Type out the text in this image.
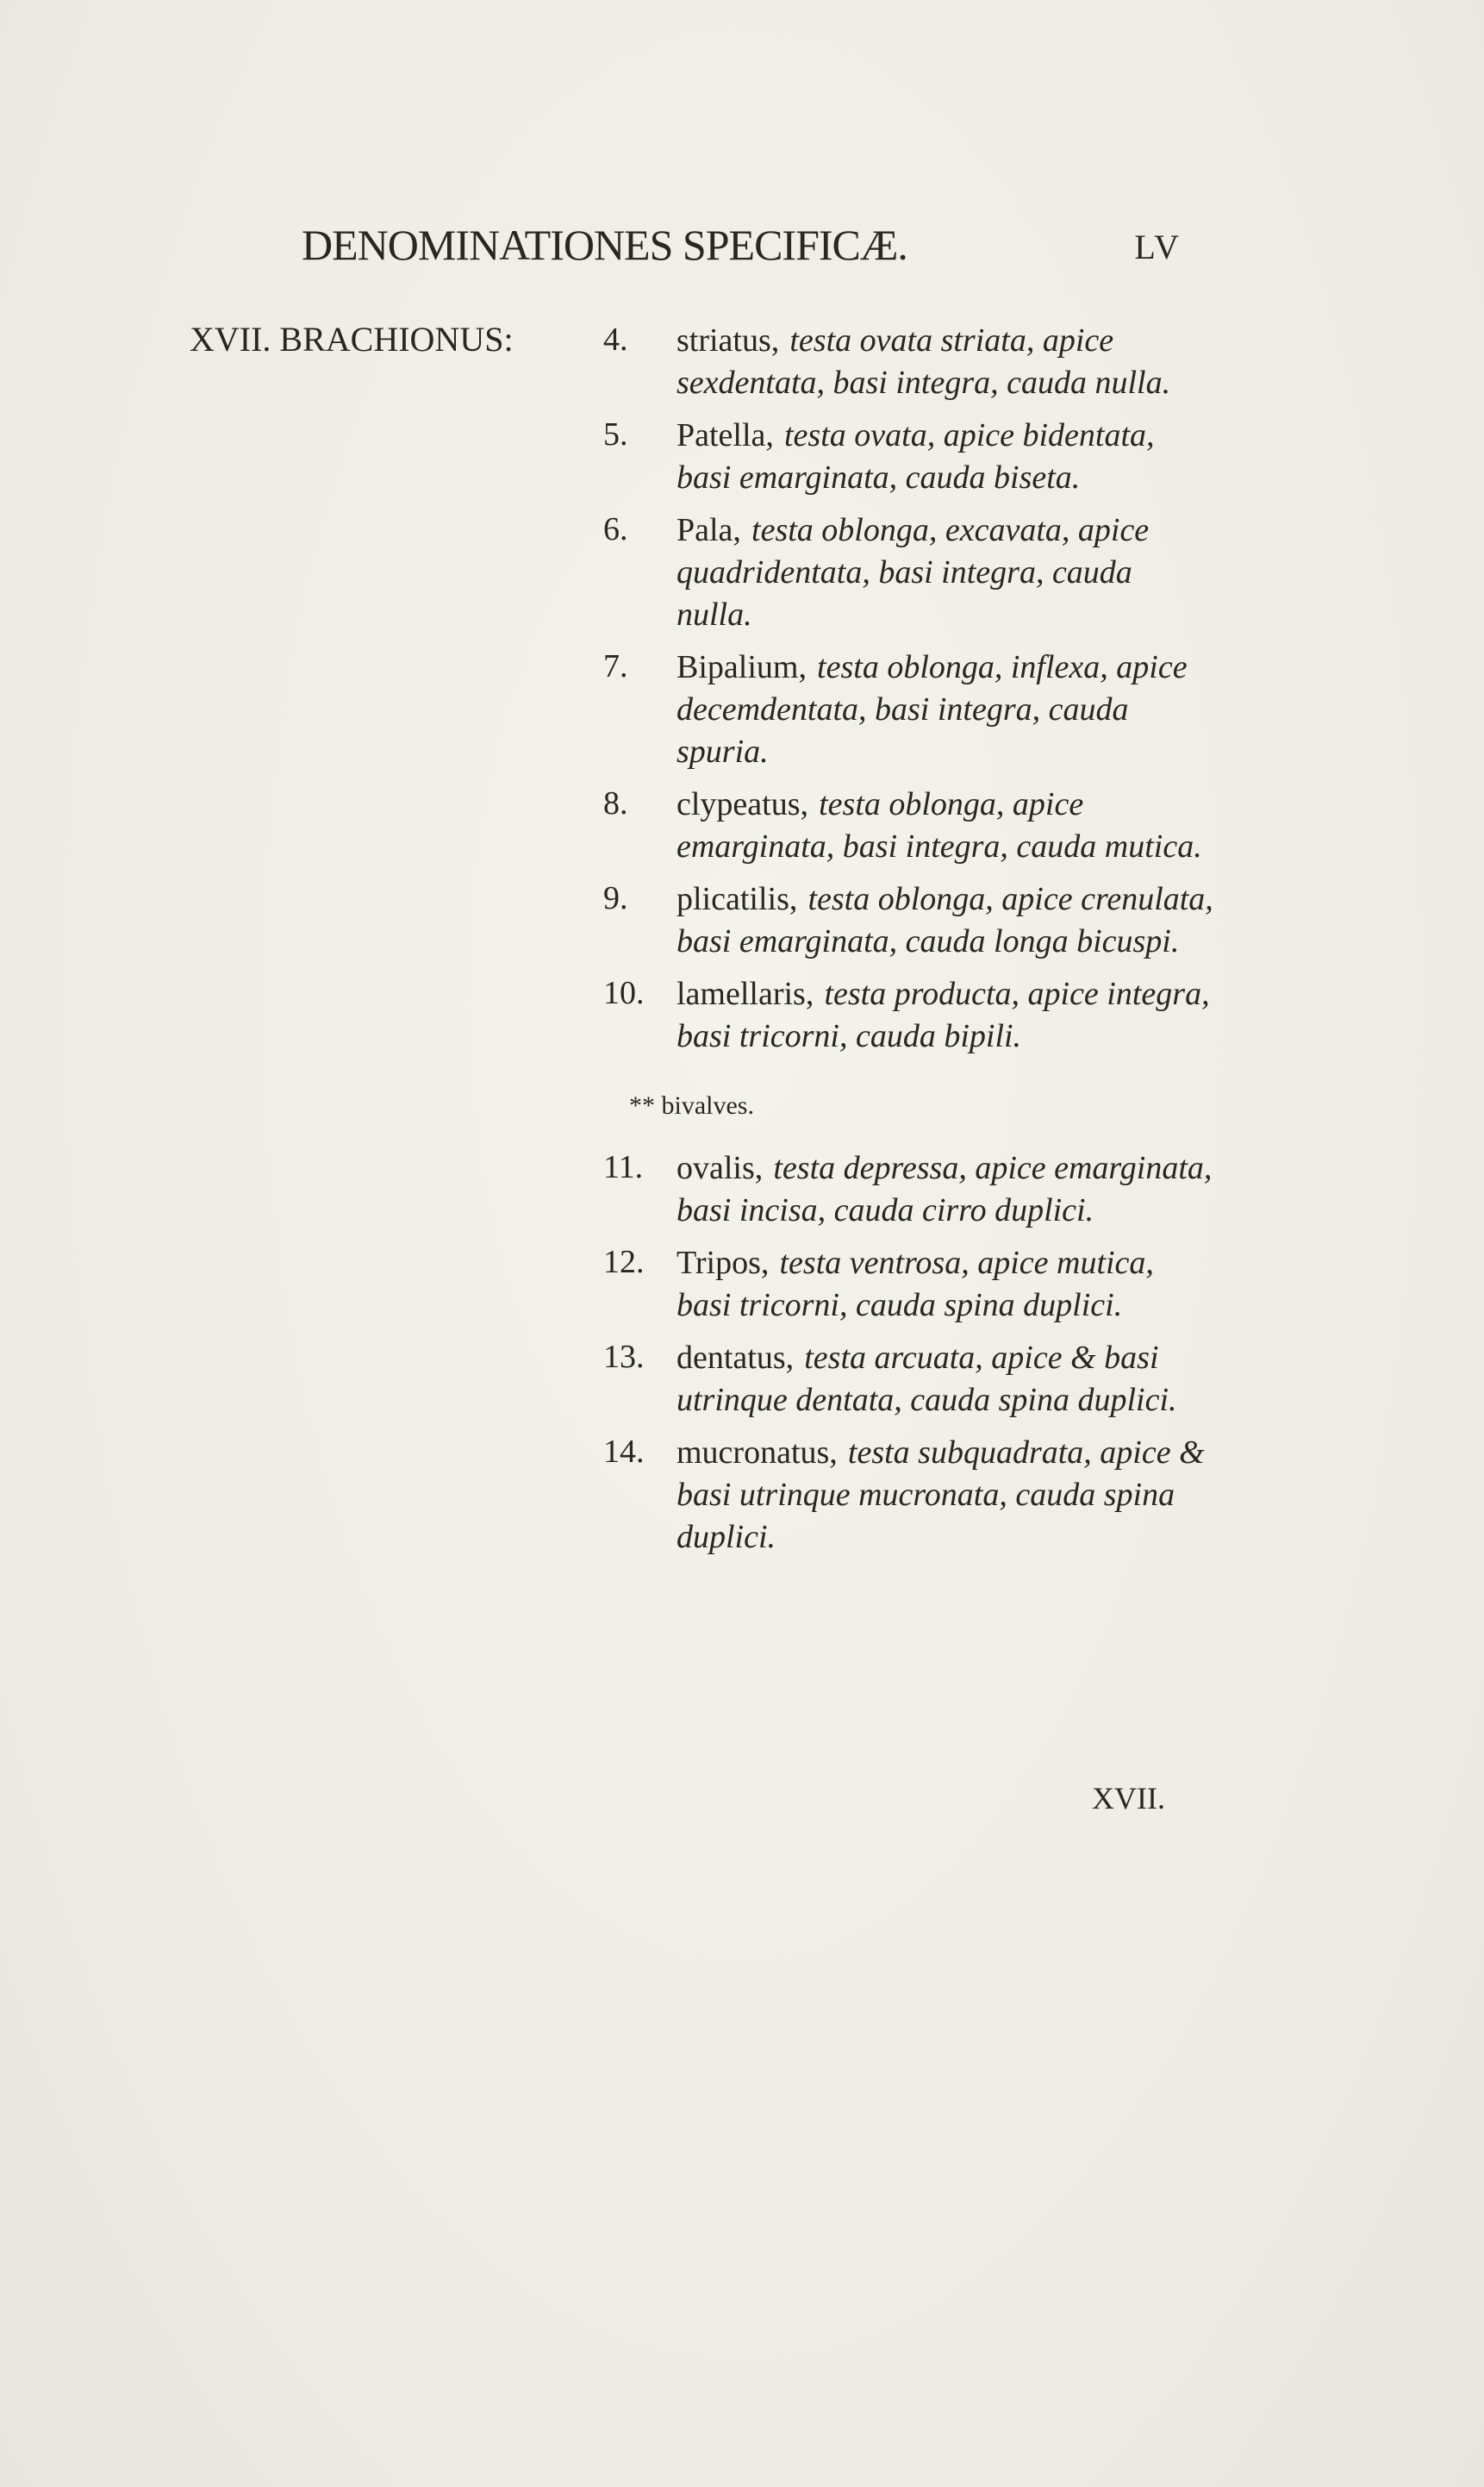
DENOMINATIONES SPECIFICÆ.	LV
XVII. BRACHIONUS:	4.	striatus, testa ovata striata, apice sexdentata, basi integra, cauda nulla.
5.	Patella, testa ovata, apice bidentata, basi emarginata, cauda biseta.
6.	Pala, testa oblonga, excavata, apice quadridentata, basi integra, cauda nulla.
7.	Bipalium, testa oblonga, inflexa, apice decemdentata, basi integra, cauda spuria.
8.	clypeatus, testa oblonga, apice emarginata, basi integra, cauda mutica.
9.	plicatilis, testa oblonga, apice crenulata, basi emarginata, cauda longa bicuspi.
10. lamellaris, testa producta, apice integra, basi tricorni, cauda bipili.
** bivalves.
11.	ovalis, testa depressa, apice emarginata, basi incisa, cauda cirro duplici.
12. Tripos, testa ventrosa, apice mutica, basi tricorni, cauda spina duplici.
13. dentatus, testa arcuata, apice & basi utrinque dentata, cauda spina duplici.
14. mucronatus, testa subquadrata, apice & basi utrinque mucronata, cauda spina duplici.
XVII.
